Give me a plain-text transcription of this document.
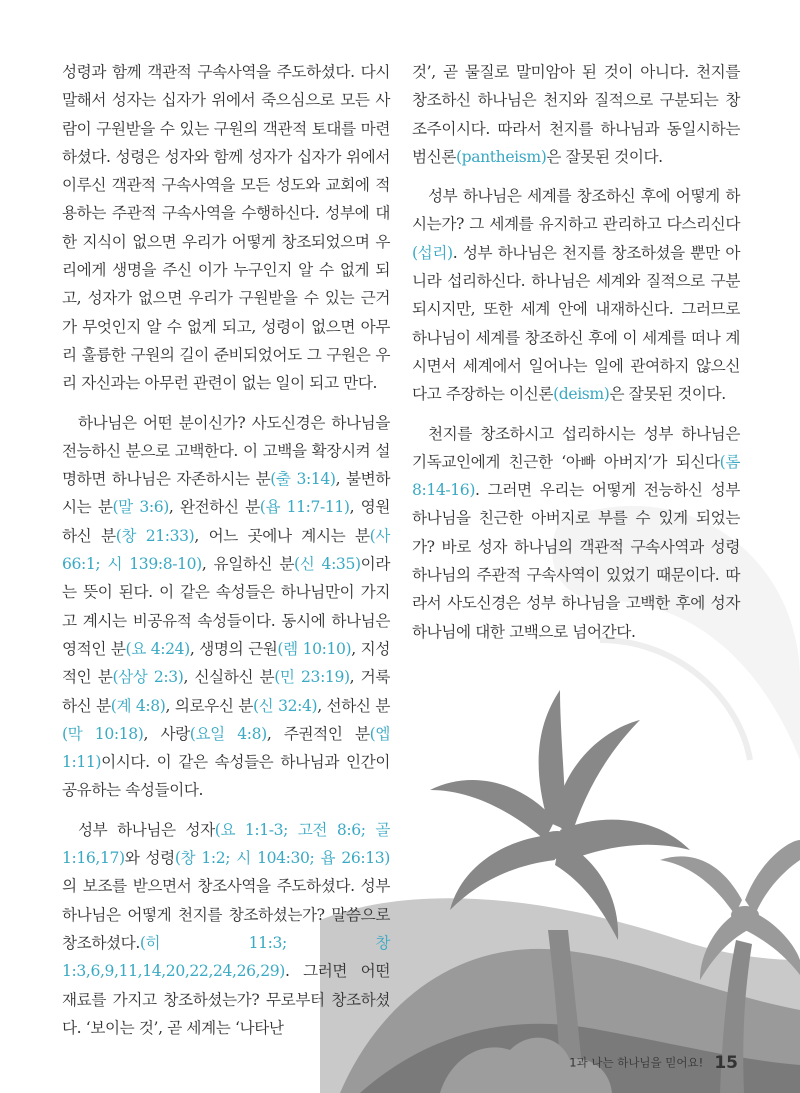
성령과 함께 객관적 구속사역을 주도하셨다. 다시 말해서 성자는 십자가 위에서 죽으심으로 모든 사람이 구원받을 수 있는 구원의 객관적 토대를 마련하셨다. 성령은 성자와 함께 성자가 십자가 위에서 이루신 객관적 구속사역을 모든 성도와 교회에 적용하는 주관적 구속사역을 수행하신다. 성부에 대한 지식이 없으면 우리가 어떻게 창조되었으며 우리에게 생명을 주신 이가 누구인지 알 수 없게 되고, 성자가 없으면 우리가 구원받을 수 있는 근거가 무엇인지 알 수 없게 되고, 성령이 없으면 아무리 훌륭한 구원의 길이 준비되었어도 그 구원은 우리 자신과는 아무런 관련이 없는 일이 되고 만다.

하나님은 어떤 분이신가? 사도신경은 하나님을 전능하신 분으로 고백한다. 이 고백을 확장시켜 설명하면 하나님은 자존하시는 분(출 3:14), 불변하시는 분(말 3:6), 완전하신 분(욥 11:7-11), 영원하신 분(창 21:33), 어느 곳에나 계시는 분(사 66:1; 시 139:8-10), 유일하신 분(신 4:35)이라는 뜻이 된다. 이 같은 속성들은 하나님만이 가지고 계시는 비공유적 속성들이다. 동시에 하나님은 영적인 분(요 4:24), 생명의 근원(렘 10:10), 지성적인 분(삼상 2:3), 신실하신 분(민 23:19), 거룩하신 분(계 4:8), 의로우신 분(신 32:4), 선하신 분(막 10:18), 사랑(요일 4:8), 주권적인 분(엡 1:11)이시다. 이 같은 속성들은 하나님과 인간이 공유하는 속성들이다.

성부 하나님은 성자(요 1:1-3; 고전 8:6; 골 1:16,17)와 성령(창 1:2; 시 104:30; 욥 26:13)의 보조를 받으면서 창조사역을 주도하셨다. 성부 하나님은 어떻게 천지를 창조하셨는가? 말씀으로 창조하셨다.(히 11:3; 창 1:3,6,9,11,14,20,22,24,26,29). 그러면 어떤 재료를 가지고 창조하셨는가? 무로부터 창조하셨다. ‘보이는 것’, 곧 세계는 ‘나타난

것’, 곧 물질로 말미암아 된 것이 아니다. 천지를 창조하신 하나님은 천지와 질적으로 구분되는 창조주이시다. 따라서 천지를 하나님과 동일시하는 범신론(pantheism)은 잘못된 것이다.

성부 하나님은 세계를 창조하신 후에 어떻게 하시는가? 그 세계를 유지하고 관리하고 다스리신다(섭리). 성부 하나님은 천지를 창조하셨을 뿐만 아니라 섭리하신다. 하나님은 세계와 질적으로 구분되시지만, 또한 세계 안에 내재하신다. 그러므로 하나님이 세계를 창조하신 후에 이 세계를 떠나 계시면서 세계에서 일어나는 일에 관여하지 않으신다고 주장하는 이신론(deism)은 잘못된 것이다.

천지를 창조하시고 섭리하시는 성부 하나님은 기독교인에게 친근한 ‘아빠 아버지’가 되신다(롬 8:14-16). 그러면 우리는 어떻게 전능하신 성부 하나님을 친근한 아버지로 부를 수 있게 되었는가? 바로 성자 하나님의 객관적 구속사역과 성령 하나님의 주관적 구속사역이 있었기 때문이다. 따라서 사도신경은 성부 하나님을 고백한 후에 성자 하나님에 대한 고백으로 넘어간다.

1과 나는 하나님을 믿어요! 15
